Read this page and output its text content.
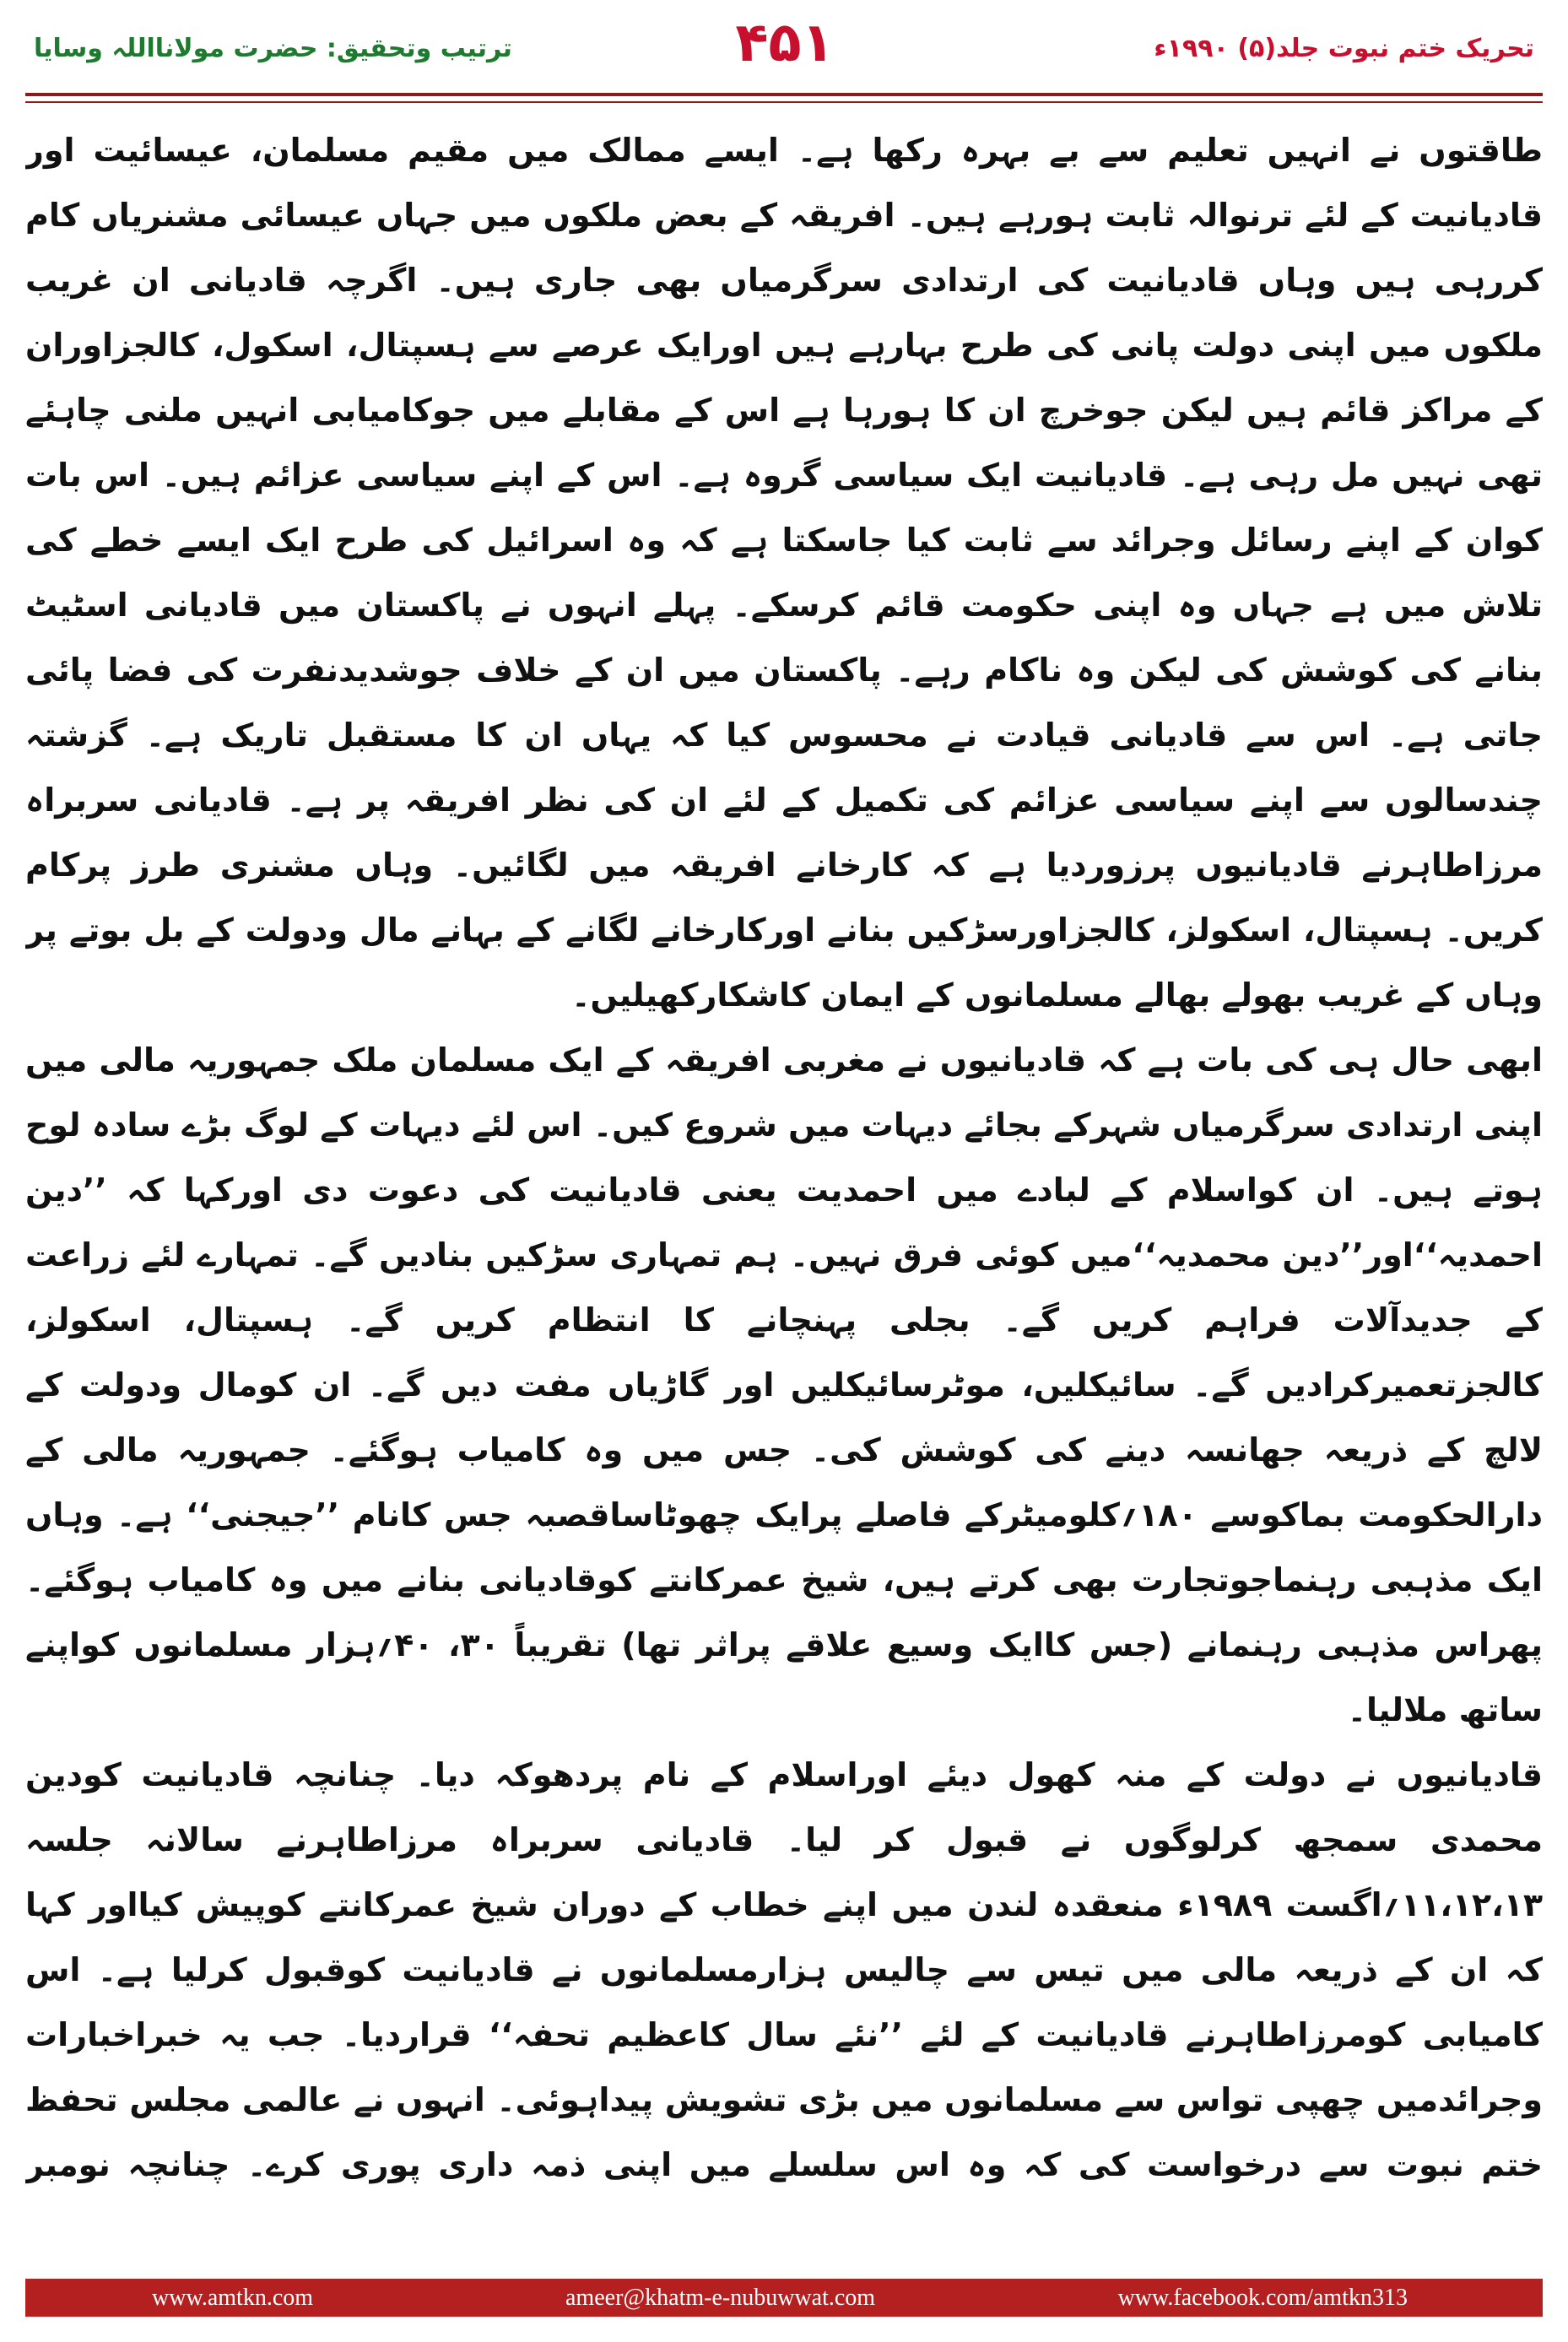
ترتیب وتحقیق: حضرت مولانااللہ وسایا	۴۵۱	تحریک ختم نبوت جلد(۵) ۱۹۹۰ء

طاقتوں نے انہیں تعلیم سے بے بہرہ رکھا ہے۔ ایسے ممالک میں مقیم مسلمان، عیسائیت اور قادیانیت کے لئے ترنوالہ ثابت ہورہے ہیں۔ افریقہ کے بعض ملکوں میں جہاں عیسائی مشنریاں کام کررہی ہیں وہاں قادیانیت کی ارتدادی سرگرمیاں بھی جاری ہیں۔ اگرچہ قادیانی ان غریب ملکوں میں اپنی دولت پانی کی طرح بہارہے ہیں اورایک عرصے سے ہسپتال، اسکول، کالجزاوران کے مراکز قائم ہیں لیکن جوخرچ ان کا ہورہا ہے اس کے مقابلے میں جوکامیابی انہیں ملنی چاہئے تھی نہیں مل رہی ہے۔ قادیانیت ایک سیاسی گروہ ہے۔ اس کے اپنے سیاسی عزائم ہیں۔ اس بات کوان کے اپنے رسائل وجرائد سے ثابت کیا جاسکتا ہے کہ وہ اسرائیل کی طرح ایک ایسے خطے کی تلاش میں ہے جہاں وہ اپنی حکومت قائم کرسکے۔ پہلے انہوں نے پاکستان میں قادیانی اسٹیٹ بنانے کی کوشش کی لیکن وہ ناکام رہے۔ پاکستان میں ان کے خلاف جوشدیدنفرت کی فضا پائی جاتی ہے۔ اس سے قادیانی قیادت نے محسوس کیا کہ یہاں ان کا مستقبل تاریک ہے۔ گزشتہ چندسالوں سے اپنے سیاسی عزائم کی تکمیل کے لئے ان کی نظر افریقہ پر ہے۔ قادیانی سربراہ مرزاطاہرنے قادیانیوں پرزوردیا ہے کہ کارخانے افریقہ میں لگائیں۔ وہاں مشنری طرز پرکام کریں۔ ہسپتال، اسکولز، کالجزاورسڑکیں بنانے اورکارخانے لگانے کے بہانے مال ودولت کے بل بوتے پر وہاں کے غریب بھولے بھالے مسلمانوں کے ایمان کاشکارکھیلیں۔

ابھی حال ہی کی بات ہے کہ قادیانیوں نے مغربی افریقہ کے ایک مسلمان ملک جمہوریہ مالی میں اپنی ارتدادی سرگرمیاں شہرکے بجائے دیہات میں شروع کیں۔ اس لئے دیہات کے لوگ بڑے سادہ لوح ہوتے ہیں۔ ان کواسلام کے لبادے میں احمدیت یعنی قادیانیت کی دعوت دی اورکہا کہ ’’دین احمدیہ‘‘اور’’دین محمدیہ‘‘میں کوئی فرق نہیں۔ ہم تمہاری سڑکیں بنادیں گے۔ تمہارے لئے زراعت کے جدیدآلات فراہم کریں گے۔ بجلی پہنچانے کا انتظام کریں گے۔ ہسپتال، اسکولز، کالجزتعمیرکرادیں گے۔ سائیکلیں، موٹرسائیکلیں اور گاڑیاں مفت دیں گے۔ ان کومال ودولت کے لالچ کے ذریعہ جھانسہ دینے کی کوشش کی۔ جس میں وہ کامیاب ہوگئے۔ جمہوریہ مالی کے دارالحکومت بماکوسے ۱۸۰؍کلومیٹرکے فاصلے پرایک چھوٹاساقصبہ جس کانام ’’جیجنی‘‘ ہے۔ وہاں ایک مذہبی رہنماجوتجارت بھی کرتے ہیں، شیخ عمرکانتے کوقادیانی بنانے میں وہ کامیاب ہوگئے۔ پھراس مذہبی رہنمانے (جس کاایک وسیع علاقے پراثر تھا) تقریباً ۳۰، ۴۰؍ہزار مسلمانوں کواپنے ساتھ ملالیا۔

قادیانیوں نے دولت کے منہ کھول دیئے اوراسلام کے نام پردھوکہ دیا۔ چنانچہ قادیانیت کودین محمدی سمجھ کرلوگوں نے قبول کر لیا۔ قادیانی سربراہ مرزاطاہرنے سالانہ جلسہ ۱۱،۱۲،۱۳؍اگست ۱۹۸۹ء منعقدہ لندن میں اپنے خطاب کے دوران شیخ عمرکانتے کوپیش کیااور کہا کہ ان کے ذریعہ مالی میں تیس سے چالیس ہزارمسلمانوں نے قادیانیت کوقبول کرلیا ہے۔ اس کامیابی کومرزاطاہرنے قادیانیت کے لئے ’’نئے سال کاعظیم تحفہ‘‘ قراردیا۔ جب یہ خبراخبارات وجرائدمیں چھپی تواس سے مسلمانوں میں بڑی تشویش پیداہوئی۔ انہوں نے عالمی مجلس تحفظ ختم نبوت سے درخواست کی کہ وہ اس سلسلے میں اپنی ذمہ داری پوری کرے۔ چنانچہ نومبر

www.amtkn.com	ameer@khatm-e-nubuwwat.com	www.facebook.com/amtkn313
